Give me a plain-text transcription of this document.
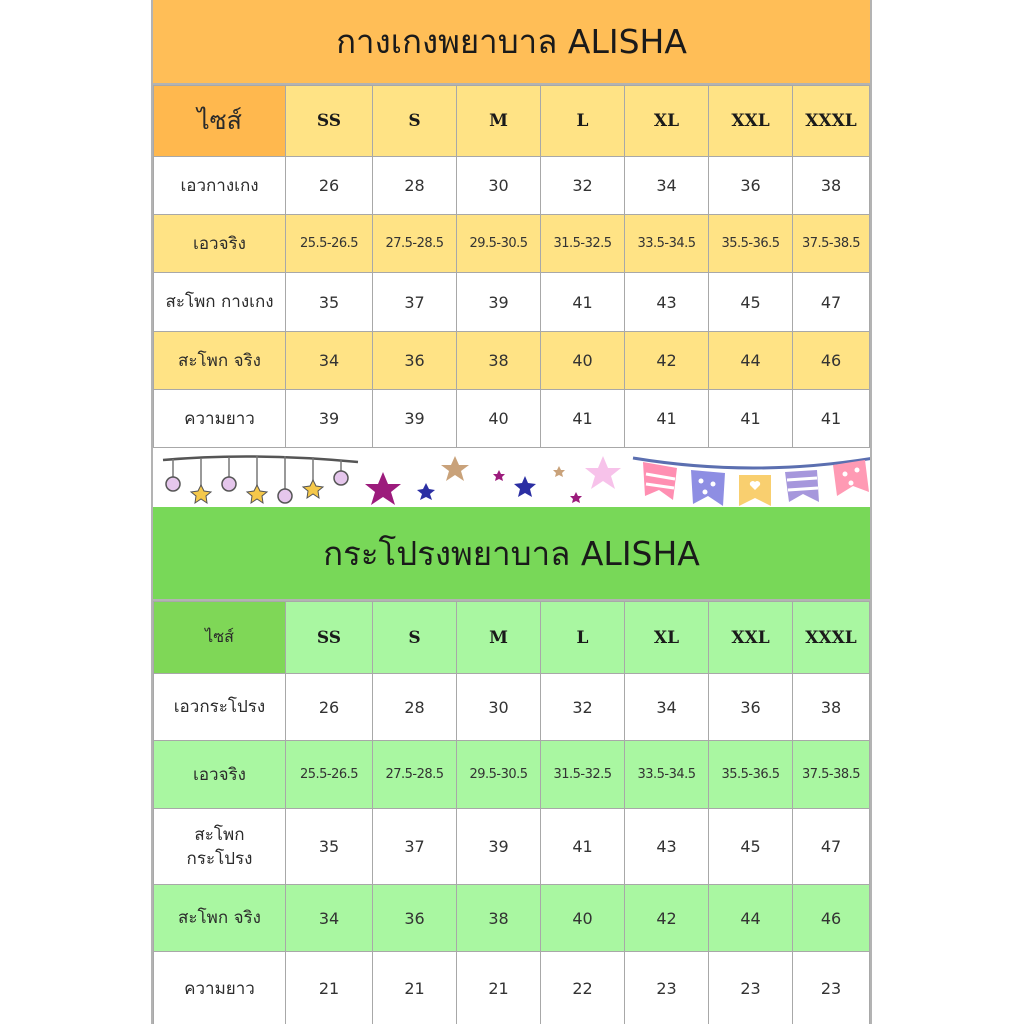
กางเกงพยาบาล ALISHA
ไซส์	SS	S	M	L	XL	XXL	XXXL
เอวกางเกง	26	28	30	32	34	36	38
เอวจริง	25.5-26.5	27.5-28.5	29.5-30.5	31.5-32.5	33.5-34.5	35.5-36.5	37.5-38.5
สะโพก กางเกง	35	37	39	41	43	45	47
สะโพก จริง	34	36	38	40	42	44	46
ความยาว	39	39	40	41	41	41	41
กระโปรงพยาบาล ALISHA
ไซส์	SS	S	M	L	XL	XXL	XXXL
เอวกระโปรง	26	28	30	32	34	36	38
เอวจริง	25.5-26.5	27.5-28.5	29.5-30.5	31.5-32.5	33.5-34.5	35.5-36.5	37.5-38.5
สะโพก
กระโปรง	35	37	39	41	43	45	47
สะโพก จริง	34	36	38	40	42	44	46
ความยาว	21	21	21	22	23	23	23
